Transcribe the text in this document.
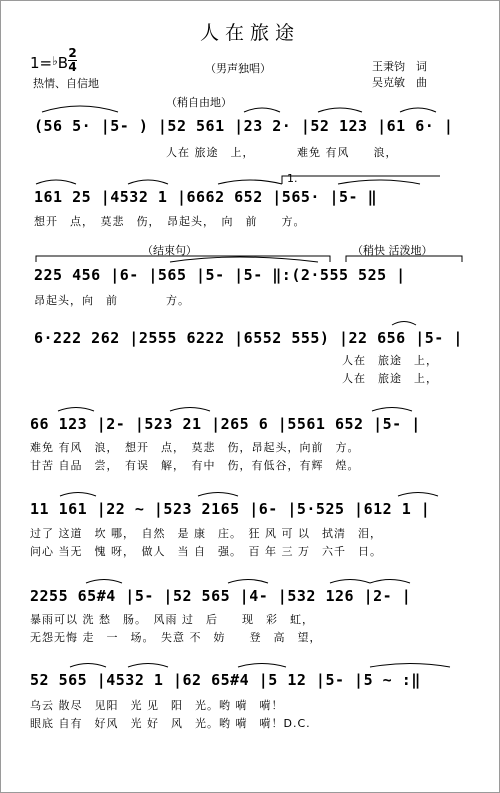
人在旅途
1=♭B
2
4	（男声独唱）	王秉钧　词
吴克敏　曲
热情、自信地
（稍自由地）
（结束句）	（稍快 活泼地）
1.
(56 5· |5- ) |52 561 |23 2· |52 123 |61 6· |
人在 旅途　上，　　　　难免 有风　　浪，
161 25 |4532 1 |6662 652 |565· |5- ‖
想开　点，　莫悲　伤，　昂起头，　向　前　　方。
225 456 |6- |565 |5- |5- ‖:(2·555 525 |
昂起头，向　前　　　　方。
6·222 262 |2555 6222 |6552 555) |22 656 |5- |
人在　旅途　上，
人在　旅途　上，
66 123 |2- |523 21 |265 6 |5561 652 |5- |
难免 有风　浪，　想开　点，　莫悲　伤，昂起头，向前　方。
甘苦 自品　尝，　有误　解，　有中　伤，有低谷，有辉　煌。
11 161 |22 ~ |523 2165 |6- |5·525 |612 1 |
过了 这道　坎 哪，　自然　是 康　庄。　狂 风 可 以　拭清　泪，
问心 当无　愧 呀，　做人　当 自　强。　百 年 三 万　六千　日。
2255 65#4 |5- |52 565 |4- |532 126 |2- |
暴雨可以 洗 愁　肠。　风雨 过　后　　现　彩　虹，
无怨无悔 走　一　场。　失意 不　妨　　登　高　望，
52 565 |4532 1 |62 65#4 |5 12 |5- |5 ~ :‖
乌云 散尽　见阳　光 见　阳　光。哟 嗬　嗬！
眼底 自有　好风　光 好　风　光。哟 嗬　嗬！D.C.
